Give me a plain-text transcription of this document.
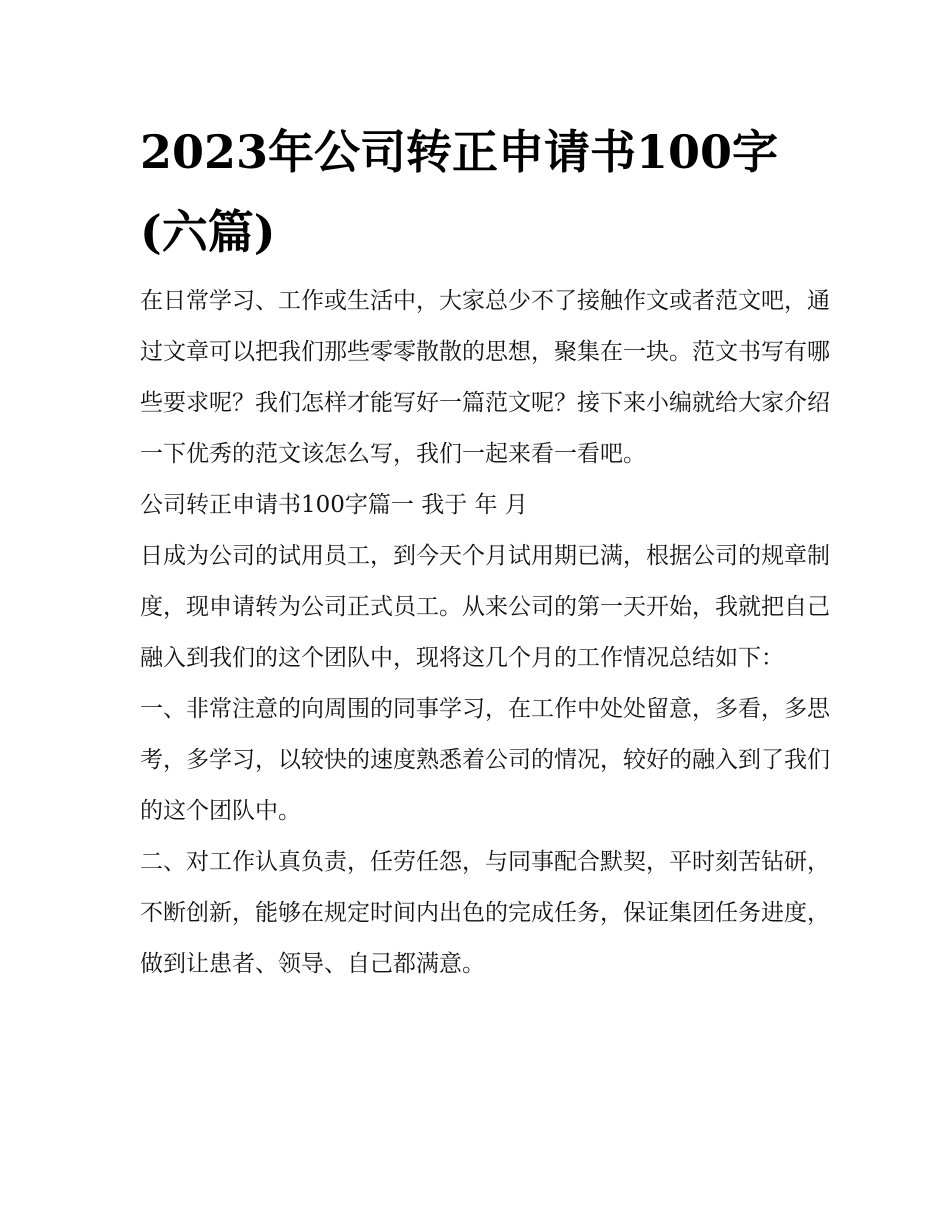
2023年公司转正申请书100字(六篇)

在日常学习、工作或生活中，大家总少不了接触作文或者范文吧，通过文章可以把我们那些零零散散的思想，聚集在一块。范文书写有哪些要求呢？我们怎样才能写好一篇范文呢？接下来小编就给大家介绍一下优秀的范文该怎么写，我们一起来看一看吧。

公司转正申请书100字篇一 我于 年 月

日成为公司的试用员工，到今天个月试用期已满，根据公司的规章制度，现申请转为公司正式员工。从来公司的第一天开始，我就把自己融入到我们的这个团队中，现将这几个月的工作情况总结如下：

一、非常注意的向周围的同事学习，在工作中处处留意，多看，多思考，多学习，以较快的速度熟悉着公司的情况，较好的融入到了我们的这个团队中。

二、对工作认真负责，任劳任怨，与同事配合默契，平时刻苦钻研，不断创新，能够在规定时间内出色的完成任务，保证集团任务进度，做到让患者、领导、自己都满意。
